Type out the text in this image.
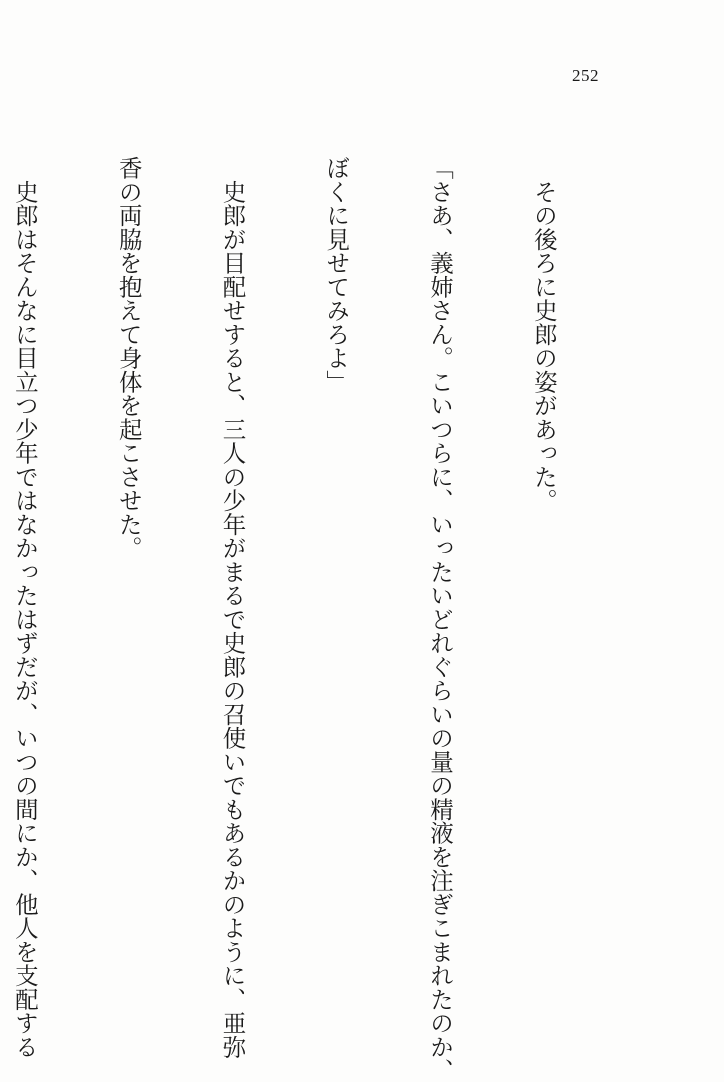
252

　その後ろに史郎の姿があった。

「さあ、義姉さん。こいつらに、いったいどれぐらいの量の精液を注ぎこまれたのか、

ぼくに見せてみろよ」

　史郎が目配せすると、三人の少年がまるで史郎の召使いでもあるかのように、亜弥

香の両脇を抱えて身体を起こさせた。

　史郎はそんなに目立つ少年ではなかったはずだが、いつの間にか、他人を支配する
